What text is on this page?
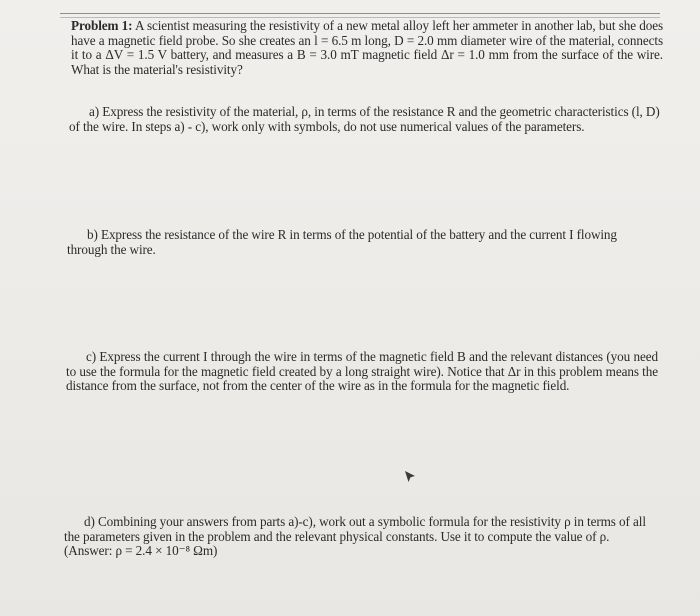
Problem 1: A scientist measuring the resistivity of a new metal alloy left her ammeter in another lab, but she does have a magnetic field probe. So she creates an l = 6.5 m long, D = 2.0 mm diameter wire of the material, connects it to a ΔV = 1.5 V battery, and measures a B = 3.0 mT magnetic field Δr = 1.0 mm from the surface of the wire. What is the material's resistivity?

a) Express the resistivity of the material, ρ, in terms of the resistance R and the geometric characteristics (l, D) of the wire. In steps a) - c), work only with symbols, do not use numerical values of the parameters.

b) Express the resistance of the wire R in terms of the potential of the battery and the current I flowing through the wire.

c) Express the current I through the wire in terms of the magnetic field B and the relevant distances (you need to use the formula for the magnetic field created by a long straight wire). Notice that Δr in this problem means the distance from the surface, not from the center of the wire as in the formula for the magnetic field.

d) Combining your answers from parts a)-c), work out a symbolic formula for the resistivity ρ in terms of all the parameters given in the problem and the relevant physical constants. Use it to compute the value of ρ. (Answer: ρ = 2.4 × 10⁻⁸ Ωm)
